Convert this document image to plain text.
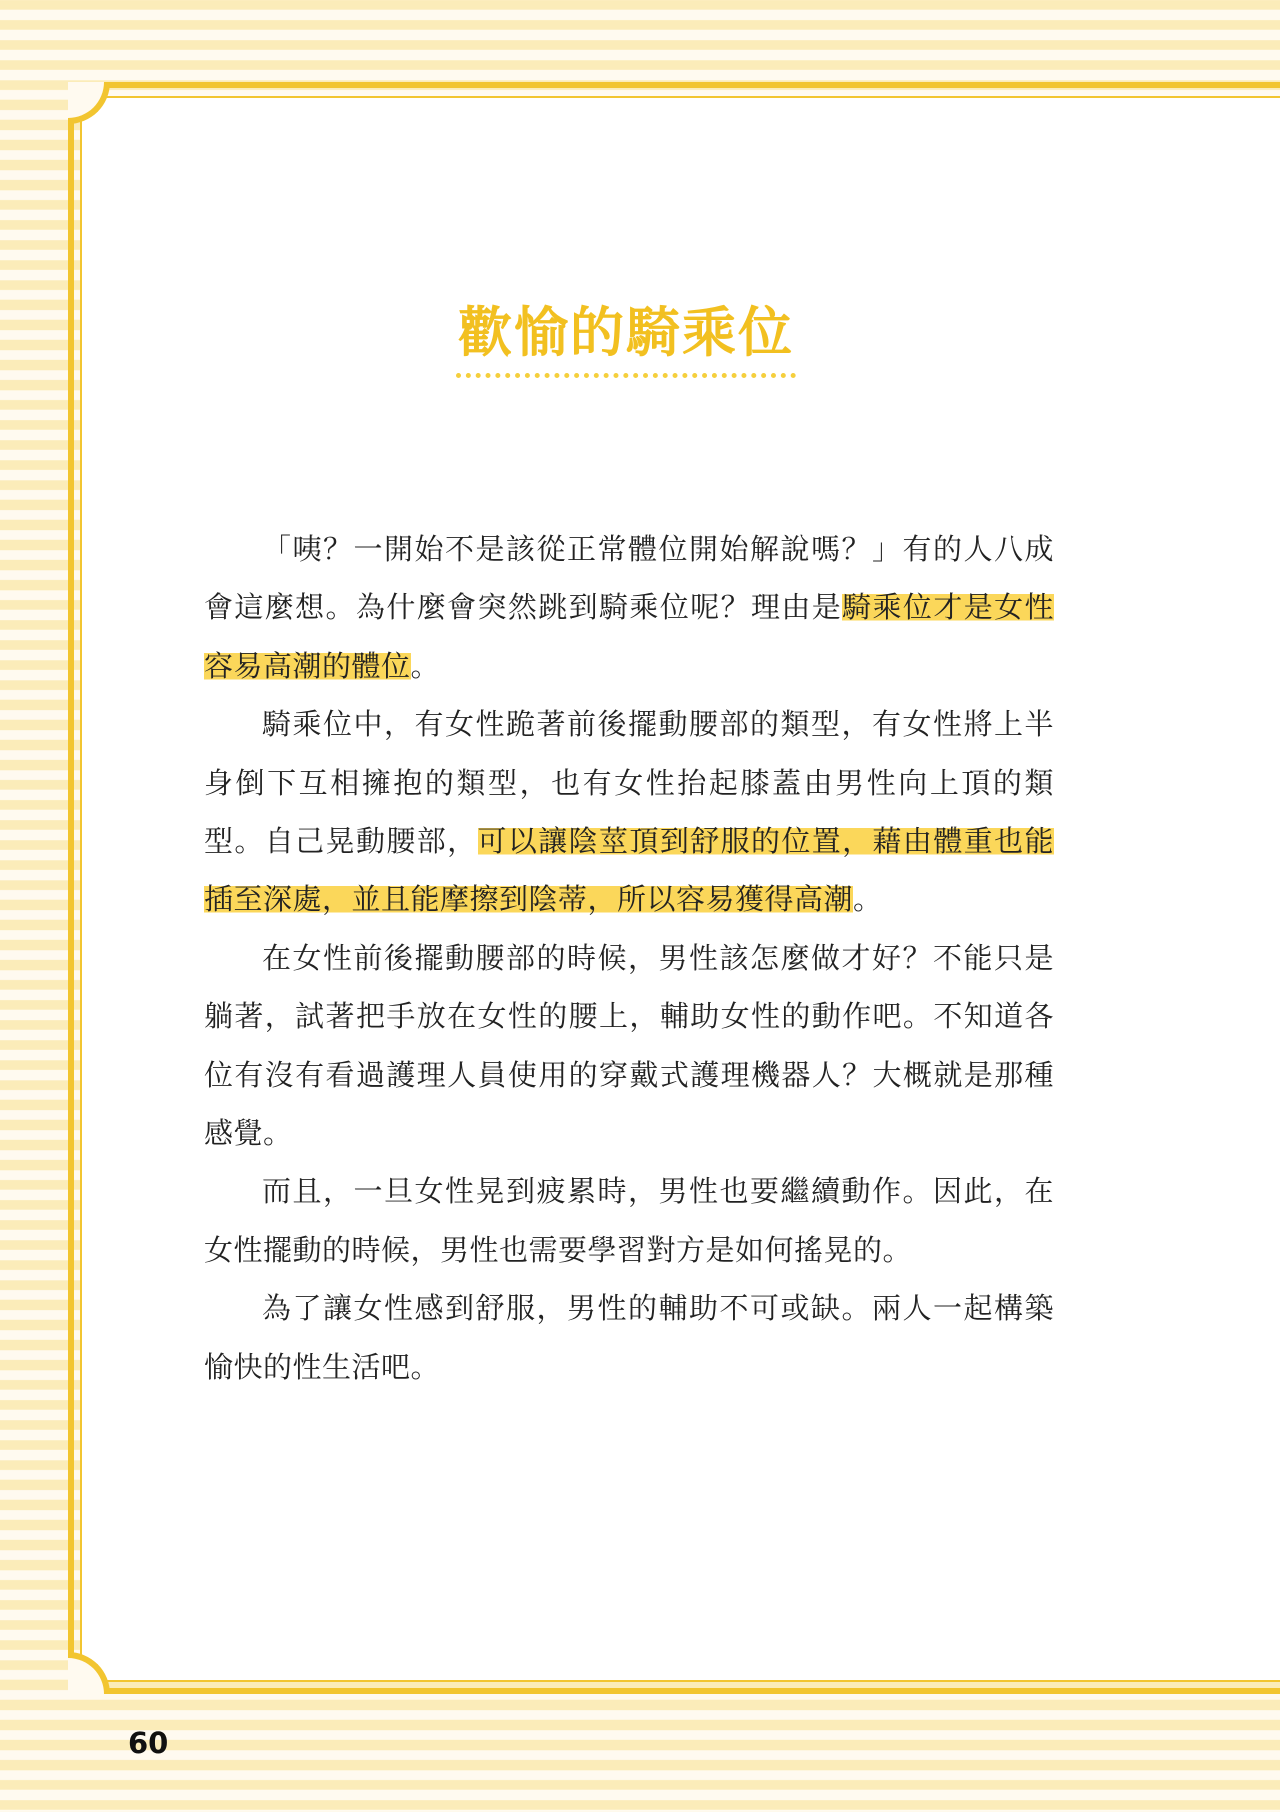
歡愉的騎乘位

「咦？一開始不是該從正常體位開始解說嗎？」有的人八成會這麼想。為什麼會突然跳到騎乘位呢？理由是騎乘位才是女性容易高潮的體位。

騎乘位中，有女性跪著前後擺動腰部的類型，有女性將上半身倒下互相擁抱的類型，也有女性抬起膝蓋由男性向上頂的類型。自己晃動腰部，可以讓陰莖頂到舒服的位置，藉由體重也能插至深處，並且能摩擦到陰蒂，所以容易獲得高潮。

在女性前後擺動腰部的時候，男性該怎麼做才好？不能只是躺著，試著把手放在女性的腰上，輔助女性的動作吧。不知道各位有沒有看過護理人員使用的穿戴式護理機器人？大概就是那種感覺。

而且，一旦女性晃到疲累時，男性也要繼續動作。因此，在女性擺動的時候，男性也需要學習對方是如何搖晃的。

為了讓女性感到舒服，男性的輔助不可或缺。兩人一起構築愉快的性生活吧。

60
